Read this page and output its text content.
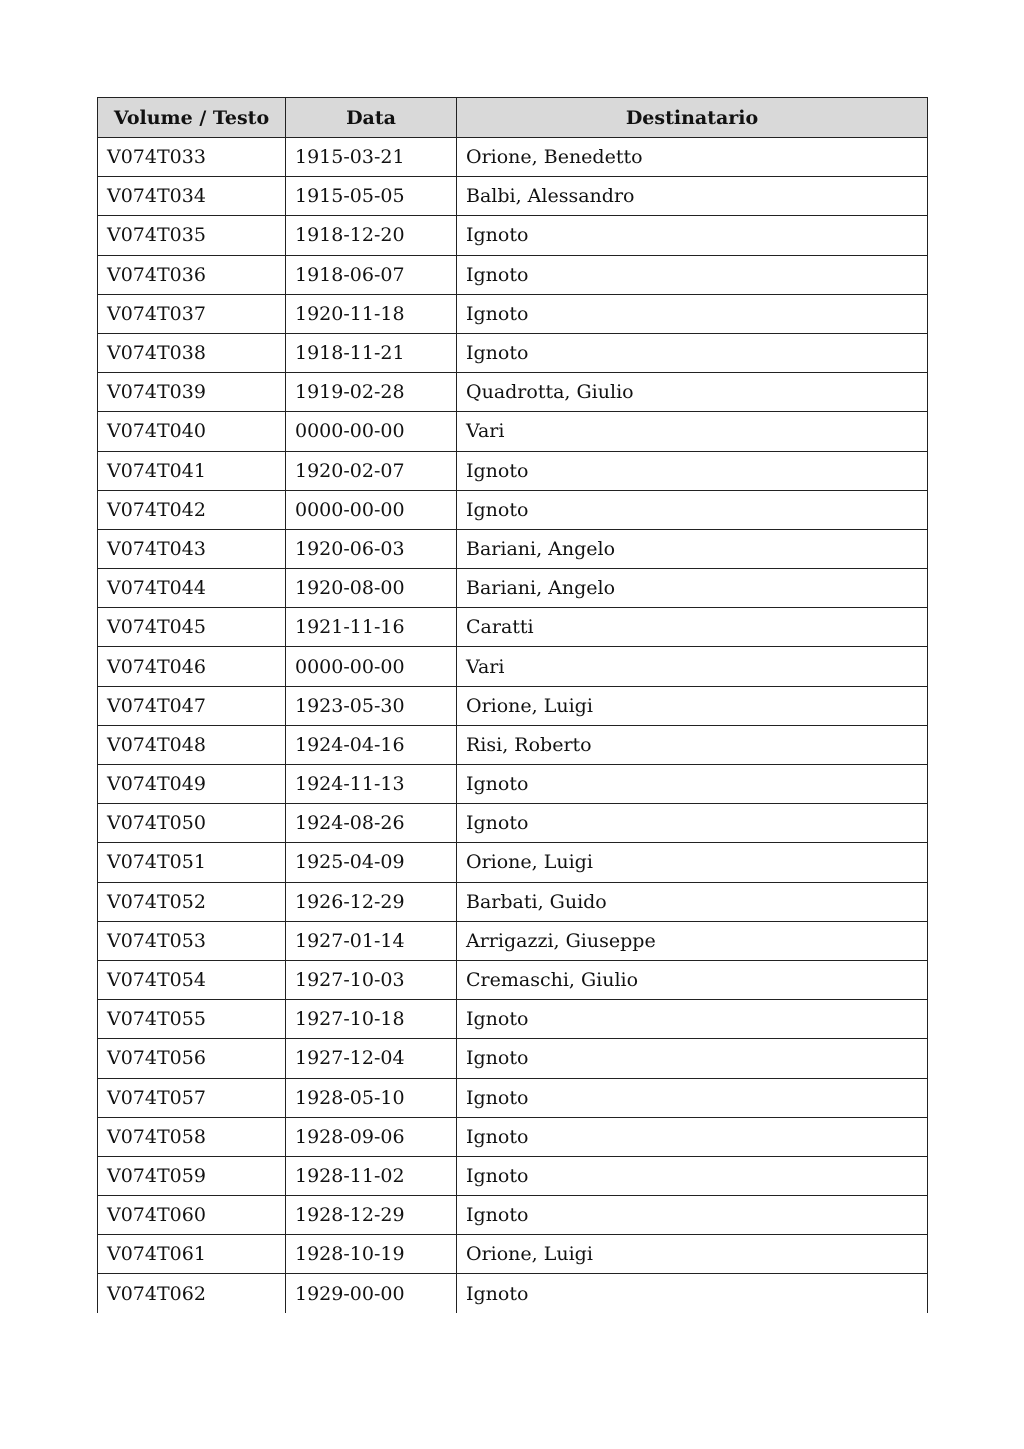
Volume / Testo	Data	Destinatario
V074T033	1915-03-21	Orione, Benedetto
V074T034	1915-05-05	Balbi, Alessandro
V074T035	1918-12-20	Ignoto
V074T036	1918-06-07	Ignoto
V074T037	1920-11-18	Ignoto
V074T038	1918-11-21	Ignoto
V074T039	1919-02-28	Quadrotta, Giulio
V074T040	0000-00-00	Vari
V074T041	1920-02-07	Ignoto
V074T042	0000-00-00	Ignoto
V074T043	1920-06-03	Bariani, Angelo
V074T044	1920-08-00	Bariani, Angelo
V074T045	1921-11-16	Caratti
V074T046	0000-00-00	Vari
V074T047	1923-05-30	Orione, Luigi
V074T048	1924-04-16	Risi, Roberto
V074T049	1924-11-13	Ignoto
V074T050	1924-08-26	Ignoto
V074T051	1925-04-09	Orione, Luigi
V074T052	1926-12-29	Barbati, Guido
V074T053	1927-01-14	Arrigazzi, Giuseppe
V074T054	1927-10-03	Cremaschi, Giulio
V074T055	1927-10-18	Ignoto
V074T056	1927-12-04	Ignoto
V074T057	1928-05-10	Ignoto
V074T058	1928-09-06	Ignoto
V074T059	1928-11-02	Ignoto
V074T060	1928-12-29	Ignoto
V074T061	1928-10-19	Orione, Luigi
V074T062	1929-00-00	Ignoto
